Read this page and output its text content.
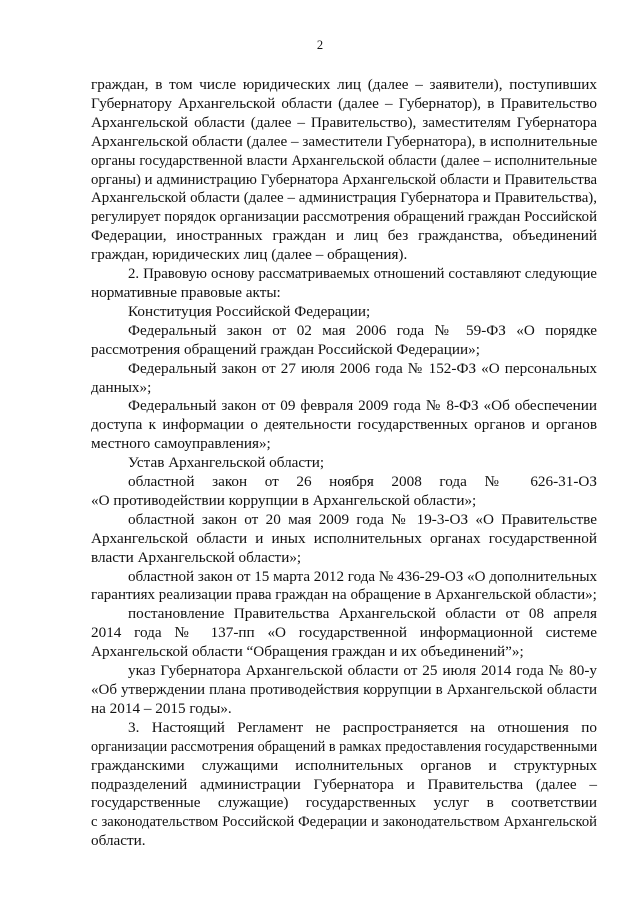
2

граждан, в том числе юридических лиц (далее – заявители), поступивших
Губернатору Архангельской области (далее – Губернатор), в Правительство
Архангельской области (далее – Правительство), заместителям Губернатора
Архангельской области (далее – заместители Губернатора), в исполнительные
органы государственной власти Архангельской области (далее – исполнительные
органы) и администрацию Губернатора Архангельской области и Правительства
Архангельской области (далее – администрация Губернатора и Правительства),
регулирует порядок организации рассмотрения обращений граждан Российской
Федерации, иностранных граждан и лиц без гражданства, объединений
граждан, юридических лиц (далее – обращения).

2. Правовую основу рассматриваемых отношений составляют следующие
нормативные правовые акты:

Конституция Российской Федерации;

Федеральный закон от 02 мая 2006 года № 59-ФЗ «О порядке
рассмотрения обращений граждан Российской Федерации»;

Федеральный закон от 27 июля 2006 года № 152-ФЗ «О персональных
данных»;

Федеральный закон от 09 февраля 2009 года № 8-ФЗ «Об обеспечении
доступа к информации о деятельности государственных органов и органов
местного самоуправления»;

Устав Архангельской области;

областной закон от 26 ноября 2008 года № 626-31-ОЗ
«О противодействии коррупции в Архангельской области»;

областной закон от 20 мая 2009 года № 19-3-ОЗ «О Правительстве
Архангельской области и иных исполнительных органах государственной
власти Архангельской области»;

областной закон от 15 марта 2012 года № 436-29-ОЗ «О дополнительных
гарантиях реализации права граждан на обращение в Архангельской области»;

постановление Правительства Архангельской области от 08 апреля
2014 года № 137-пп «О государственной информационной системе
Архангельской области “Обращения граждан и их объединений”»;

указ Губернатора Архангельской области от 25 июля 2014 года № 80-у
«Об утверждении плана противодействия коррупции в Архангельской области
на 2014 – 2015 годы».

3. Настоящий Регламент не распространяется на отношения по
организации рассмотрения обращений в рамках предоставления государственными
гражданскими служащими исполнительных органов и структурных
подразделений администрации Губернатора и Правительства (далее –
государственные служащие) государственных услуг в соответствии
с законодательством Российской Федерации и законодательством Архангельской
области.
